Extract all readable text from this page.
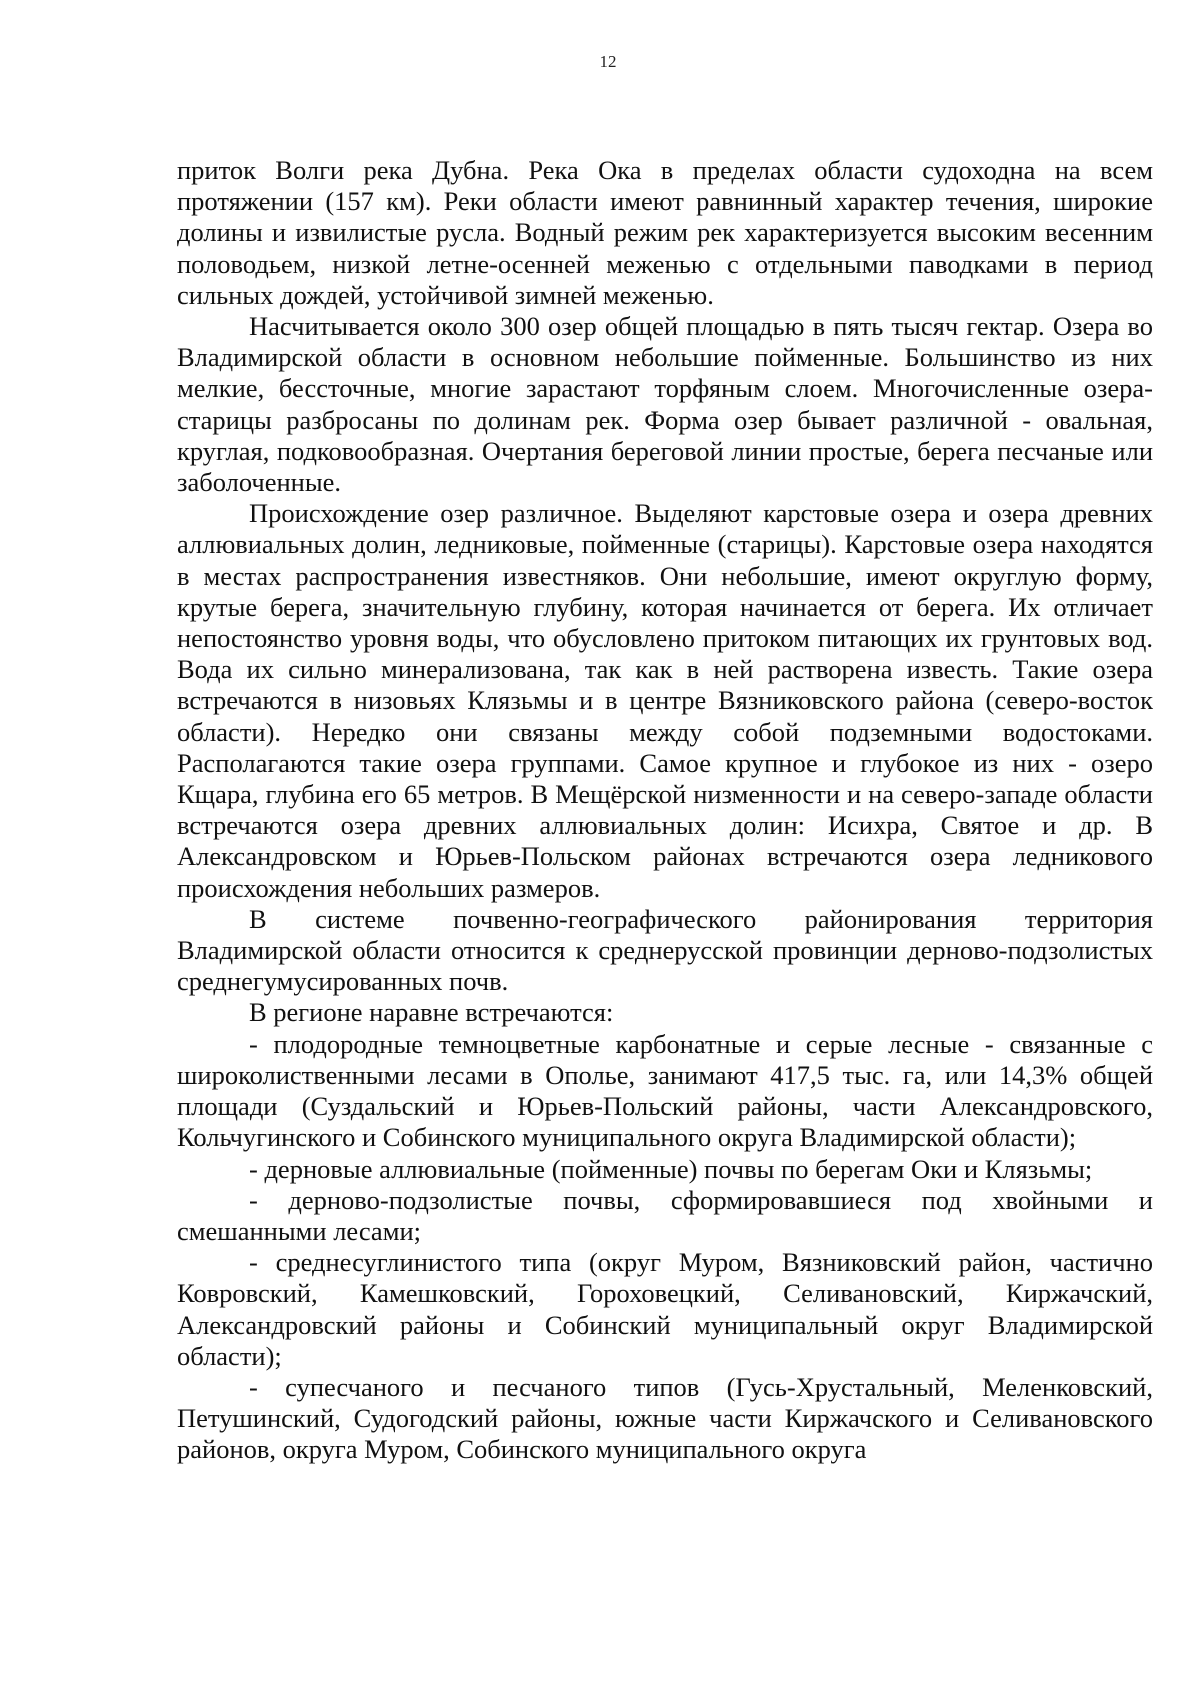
12

приток Волги река Дубна. Река Ока в пределах области судоходна на всем протяжении (157 км). Реки области имеют равнинный характер течения, широкие долины и извилистые русла. Водный режим рек характеризуется высоким весенним половодьем, низкой летне-осенней меженью с отдельными паводками в период сильных дождей, устойчивой зимней меженью.

Насчитывается около 300 озер общей площадью в пять тысяч гектар. Озера во Владимирской области в основном небольшие пойменные. Большинство из них мелкие, бессточные, многие зарастают торфяным слоем. Многочисленные озера-старицы разбросаны по долинам рек. Форма озер бывает различной - овальная, круглая, подковообразная. Очертания береговой линии простые, берега песчаные или заболоченные.

Происхождение озер различное. Выделяют карстовые озера и озера древних аллювиальных долин, ледниковые, пойменные (старицы). Карстовые озера находятся в местах распространения известняков. Они небольшие, имеют округлую форму, крутые берега, значительную глубину, которая начинается от берега. Их отличает непостоянство уровня воды, что обусловлено притоком питающих их грунтовых вод. Вода их сильно минерализована, так как в ней растворена известь. Такие озера встречаются в низовьях Клязьмы и в центре Вязниковского района (северо-восток области). Нередко они связаны между собой подземными водостоками. Располагаются такие озера группами. Самое крупное и глубокое из них - озеро Кщара, глубина его 65 метров. В Мещёрской низменности и на северо-западе области встречаются озера древних аллювиальных долин: Исихра, Святое и др. В Александровском и Юрьев-Польском районах встречаются озера ледникового происхождения небольших размеров.

В системе почвенно-географического районирования территория Владимирской области относится к среднерусской провинции дерново-подзолистых среднегумусированных почв.

В регионе наравне встречаются:

- плодородные темноцветные карбонатные и серые лесные - связанные с широколиственными лесами в Ополье, занимают 417,5 тыс. га, или 14,3% общей площади (Суздальский и Юрьев-Польский районы, части Александровского, Кольчугинского и Собинского муниципального округа Владимирской области);

- дерновые аллювиальные (пойменные) почвы по берегам Оки и Клязьмы;

- дерново-подзолистые почвы, сформировавшиеся под хвойными и смешанными лесами;

- среднесуглинистого типа (округ Муром, Вязниковский район, частично Ковровский, Камешковский, Гороховецкий, Селивановский, Киржачский, Александровский районы и Собинский муниципальный округ Владимирской области);

- супесчаного и песчаного типов (Гусь-Хрустальный, Меленковский, Петушинский, Судогодский районы, южные части Киржачского и Селивановского районов, округа Муром, Собинского муниципального округа
